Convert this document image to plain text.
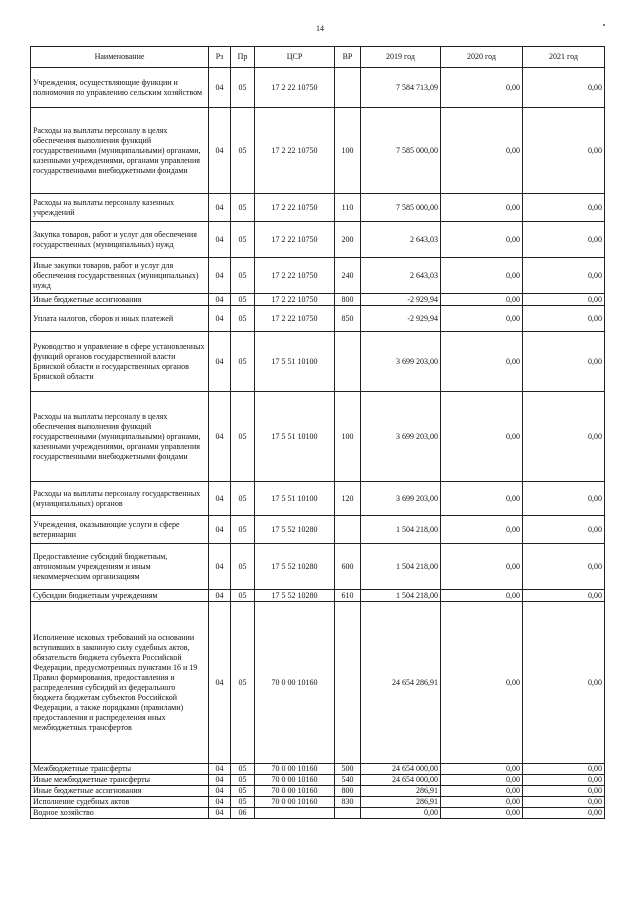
14
Наименование	Рз	Пр	ЦСР	ВР	2019 год	2020 год	2021 год
Учреждения, осуществляющие функции и полномочия по управлению сельским хозяйством	04	05	17 2 22 10750		7 584 713,09	0,00	0,00
Расходы на выплаты персоналу в целях обеспечения выполнения функций государственными (муниципальными) органами, казенными учреждениями, органами управления государственными внебюджетными фондами	04	05	17 2 22 10750	100	7 585 000,00	0,00	0,00
Расходы на выплаты персоналу казенных учреждений	04	05	17 2 22 10750	110	7 585 000,00	0,00	0,00
Закупка товаров, работ и услуг для обеспечения государственных (муниципальных) нужд	04	05	17 2 22 10750	200	2 643,03	0,00	0,00
Иные закупки товаров, работ и услуг для обеспечения государственных (муниципальных) нужд	04	05	17 2 22 10750	240	2 643,03	0,00	0,00
Иные бюджетные ассигнования	04	05	17 2 22 10750	800	-2 929,94	0,00	0,00
Уплата налогов, сборов и иных платежей	04	05	17 2 22 10750	850	-2 929,94	0,00	0,00
Руководство и управление в сфере установленных функций органов государственной власти Брянской области и государственных органов Брянской области	04	05	17 5 51 10100		3 699 203,00	0,00	0,00
Расходы на выплаты персоналу в целях обеспечения выполнения функций государственными (муниципальными) органами, казенными учреждениями, органами управления государственными внебюджетными фондами	04	05	17 5 51 10100	100	3 699 203,00	0,00	0,00
Расходы на выплаты персоналу государственных (муниципальных) органов	04	05	17 5 51 10100	120	3 699 203,00	0,00	0,00
Учреждения, оказывающие услуги в сфере ветеринарии	04	05	17 5 52 10280		1 504 218,00	0,00	0,00
Предоставление субсидий бюджетным, автономным учреждениям и иным некоммерческим организациям	04	05	17 5 52 10280	600	1 504 218,00	0,00	0,00
Субсидии бюджетным учреждениям	04	05	17 5 52 10280	610	1 504 218,00	0,00	0,00
Исполнение исковых требований на основании вступивших в законную силу судебных актов, обязательств бюджета субъекта Российской Федерации, предусмотренных пунктами 16 и 19 Правил формирования, предоставления и распределения субсидий из федерального бюджета бюджетам субъектов Российской Федерации, а также порядками (правилами) предоставления и распределения иных межбюджетных трансфертов	04	05	70 0 00 10160		24 654 286,91	0,00	0,00
Межбюджетные трансферты	04	05	70 0 00 10160	500	24 654 000,00	0,00	0,00
Иные межбюджетные трансферты	04	05	70 0 00 10160	540	24 654 000,00	0,00	0,00
Иные бюджетные ассигнования	04	05	70 0 00 10160	800	286,91	0,00	0,00
Исполнение судебных актов	04	05	70 0 00 10160	830	286,91	0,00	0,00
Водное хозяйство	04	06			0,00	0,00	0,00
